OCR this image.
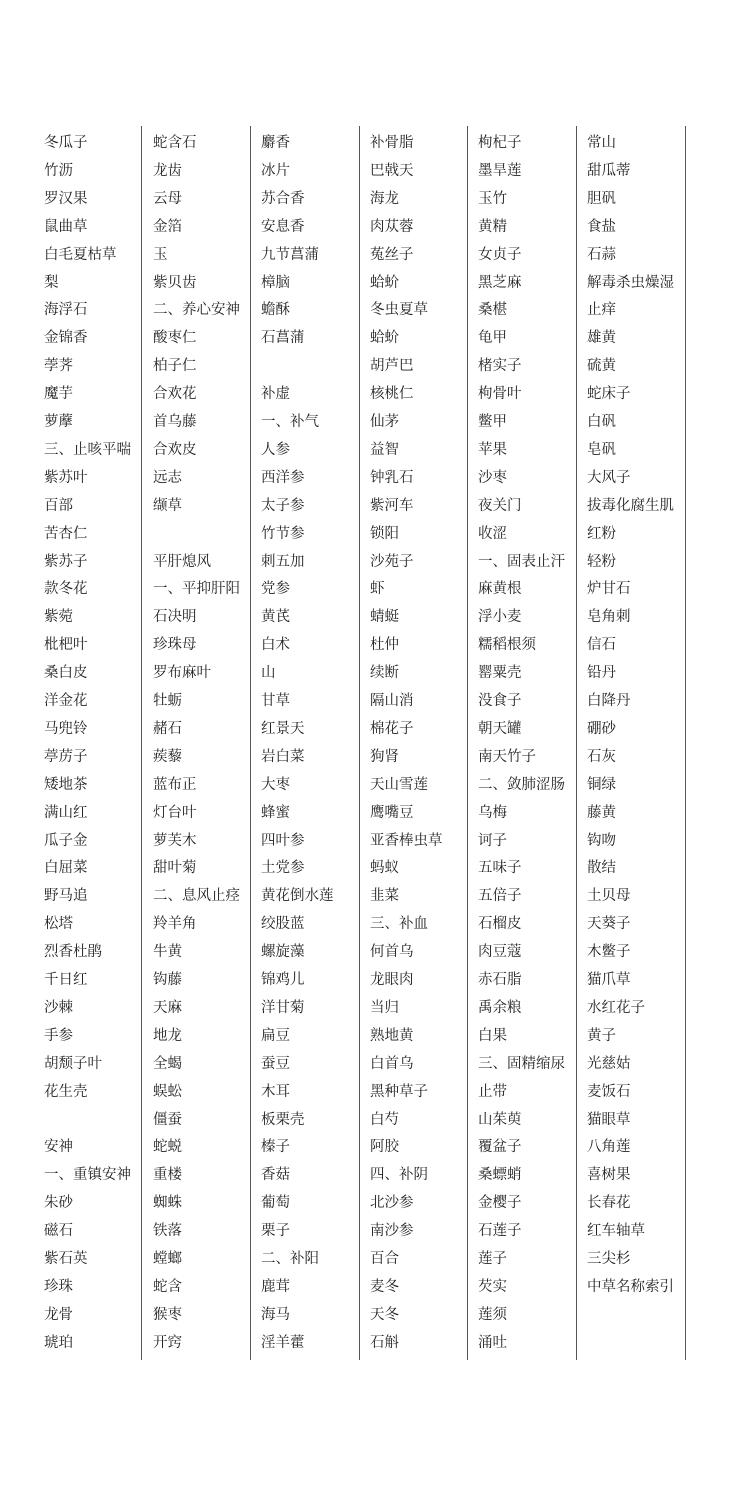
冬瓜子
竹沥
罗汉果
鼠曲草
白毛夏枯草
梨
海浮石
金锦香
荸荠
魔芋
萝藦
三、止咳平喘
紫苏叶
百部
苦杏仁
紫苏子
款冬花
紫菀
枇杷叶
桑白皮
洋金花
马兜铃
葶苈子
矮地茶
满山红
瓜子金
白屈菜
野马追
松塔
烈香杜鹃
千日红
沙棘
手参
胡颓子叶
花生壳
安神
一、重镇安神
朱砂
磁石
紫石英
珍珠
龙骨
琥珀
蛇含石
龙齿
云母
金箔
玉
紫贝齿
二、养心安神
酸枣仁
柏子仁
合欢花
首乌藤
合欢皮
远志
缬草
平肝熄风
一、平抑肝阳
石决明
珍珠母
罗布麻叶
牡蛎
赭石
蒺藜
蓝布正
灯台叶
萝芙木
甜叶菊
二、息风止痉
羚羊角
牛黄
钩藤
天麻
地龙
全蝎
蜈蚣
僵蚕
蛇蜕
重楼
蜘蛛
铁落
螳螂
蛇含
猴枣
开窍
麝香
冰片
苏合香
安息香
九节菖蒲
樟脑
蟾酥
石菖蒲
补虚
一、补气
人参
西洋参
太子参
竹节参
刺五加
党参
黄芪
白术
山
甘草
红景天
岩白菜
大枣
蜂蜜
四叶参
土党参
黄花倒水莲
绞股蓝
螺旋藻
锦鸡儿
洋甘菊
扁豆
蚕豆
木耳
板栗壳
榛子
香菇
葡萄
栗子
二、补阳
鹿茸
海马
淫羊藿
补骨脂
巴戟天
海龙
肉苁蓉
菟丝子
蛤蚧
冬虫夏草
蛤蚧
胡芦巴
核桃仁
仙茅
益智
钟乳石
紫河车
锁阳
沙苑子
虾
蜻蜓
杜仲
续断
隔山消
棉花子
狗肾
天山雪莲
鹰嘴豆
亚香棒虫草
蚂蚁
韭菜
三、补血
何首乌
龙眼肉
当归
熟地黄
白首乌
黑种草子
白芍
阿胶
四、补阴
北沙参
南沙参
百合
麦冬
天冬
石斛
枸杞子
墨旱莲
玉竹
黄精
女贞子
黑芝麻
桑椹
龟甲
楮实子
枸骨叶
鳖甲
苹果
沙枣
夜关门
收涩
一、固表止汗
麻黄根
浮小麦
糯稻根须
罂粟壳
没食子
朝天罐
南天竹子
二、敛肺涩肠
乌梅
诃子
五味子
五倍子
石榴皮
肉豆蔻
赤石脂
禹余粮
白果
三、固精缩尿
止带
山茱萸
覆盆子
桑螵蛸
金樱子
石莲子
莲子
芡实
莲须
涌吐
常山
甜瓜蒂
胆矾
食盐
石蒜
解毒杀虫燥湿
止痒
雄黄
硫黄
蛇床子
白矾
皂矾
大风子
拔毒化腐生肌
红粉
轻粉
炉甘石
皂角刺
信石
铅丹
白降丹
硼砂
石灰
铜绿
藤黄
钩吻
散结
土贝母
天葵子
木鳖子
猫爪草
水红花子
黄子
光慈姑
麦饭石
猫眼草
八角莲
喜树果
长春花
红车轴草
三尖杉
中草名称索引
